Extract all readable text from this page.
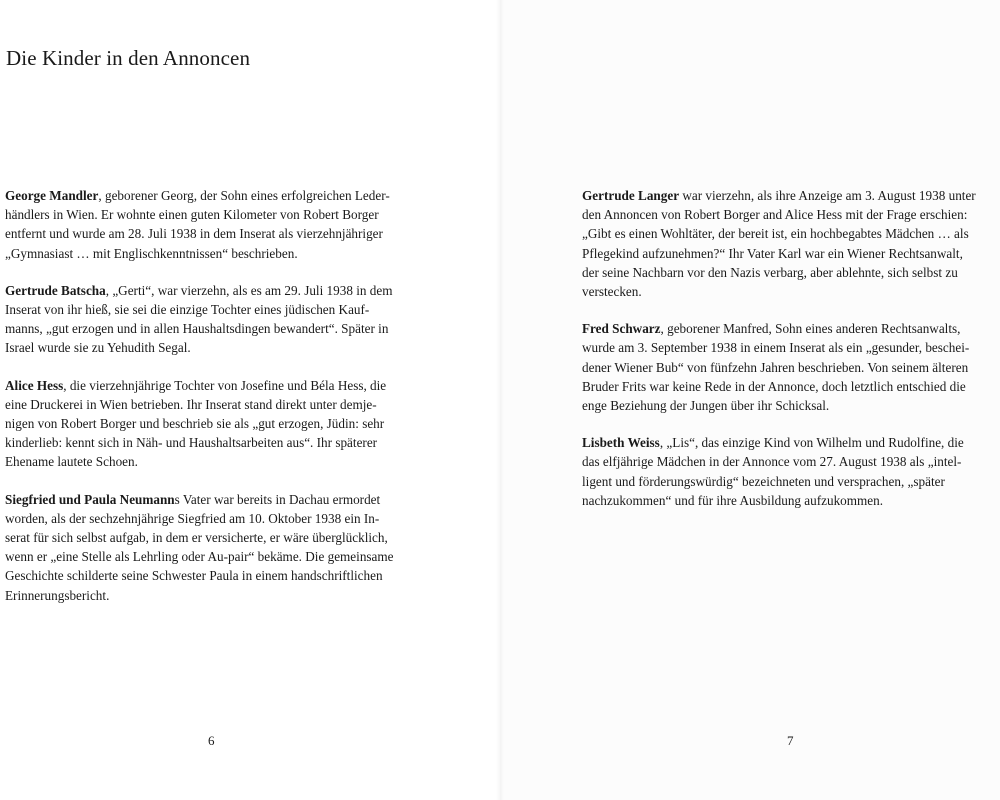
Die Kinder in den Annoncen

George Mandler, geborener Georg, der Sohn eines erfolgreichen Leder-
händlers in Wien. Er wohnte einen guten Kilometer von Robert Borger
entfernt und wurde am 28. Juli 1938 in dem Inserat als vierzehnjähriger
„Gymnasiast … mit Englischkenntnissen“ beschrieben.

Gertrude Batscha, „Gerti“, war vierzehn, als es am 29. Juli 1938 in dem
Inserat von ihr hieß, sie sei die einzige Tochter eines jüdischen Kauf-
manns, „gut erzogen und in allen Haushaltsdingen bewandert“. Später in
Israel wurde sie zu Yehudith Segal.

Alice Hess, die vierzehnjährige Tochter von Josefine und Béla Hess, die
eine Druckerei in Wien betrieben. Ihr Inserat stand direkt unter demje-
nigen von Robert Borger und beschrieb sie als „gut erzogen, Jüdin: sehr
kinderlieb: kennt sich in Näh- und Haushaltsarbeiten aus“. Ihr späterer
Ehename lautete Schoen.

Siegfried und Paula Neumanns Vater war bereits in Dachau ermordet
worden, als der sechzehnjährige Siegfried am 10. Oktober 1938 ein In-
serat für sich selbst aufgab, in dem er versicherte, er wäre überglücklich,
wenn er „eine Stelle als Lehrling oder Au-pair“ bekäme. Die gemeinsame
Geschichte schilderte seine Schwester Paula in einem handschriftlichen
Erinnerungsbericht.

Gertrude Langer war vierzehn, als ihre Anzeige am 3. August 1938 unter
den Annoncen von Robert Borger and Alice Hess mit der Frage erschien:
„Gibt es einen Wohltäter, der bereit ist, ein hochbegabtes Mädchen … als
Pflegekind aufzunehmen?“ Ihr Vater Karl war ein Wiener Rechtsanwalt,
der seine Nachbarn vor den Nazis verbarg, aber ablehnte, sich selbst zu
verstecken.

Fred Schwarz, geborener Manfred, Sohn eines anderen Rechtsanwalts,
wurde am 3. September 1938 in einem Inserat als ein „gesunder, beschei-
dener Wiener Bub“ von fünfzehn Jahren beschrieben. Von seinem älteren
Bruder Frits war keine Rede in der Annonce, doch letztlich entschied die
enge Beziehung der Jungen über ihr Schicksal.

Lisbeth Weiss, „Lis“, das einzige Kind von Wilhelm und Rudolfine, die
das elfjährige Mädchen in der Annonce vom 27. August 1938 als „intel-
ligent und förderungswürdig“ bezeichneten und versprachen, „später
nachzukommen“ und für ihre Ausbildung aufzukommen.

6	7
